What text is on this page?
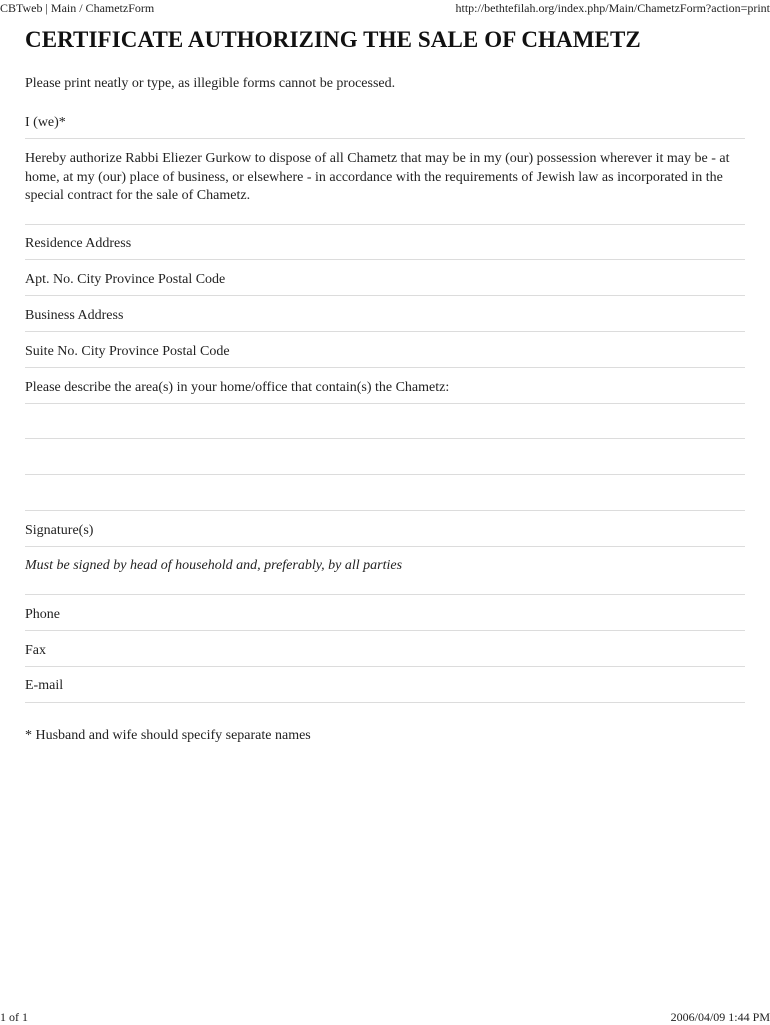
CBTweb | Main / ChametzForm	http://bethtefilah.org/index.php/Main/ChametzForm?action=print
CERTIFICATE AUTHORIZING THE SALE OF CHAMETZ
Please print neatly or type, as illegible forms cannot be processed.
I (we)*
Hereby authorize Rabbi Eliezer Gurkow to dispose of all Chametz that may be in my (our) possession wherever it may be - at home, at my (our) place of business, or elsewhere - in accordance with the requirements of Jewish law as incorporated in the special contract for the sale of Chametz.
Residence Address
Apt. No. City Province Postal Code
Business Address
Suite No. City Province Postal Code
Please describe the area(s) in your home/office that contain(s) the Chametz:
Signature(s)
Must be signed by head of household and, preferably, by all parties
Phone
Fax
E-mail
* Husband and wife should specify separate names
1 of 1	2006/04/09 1:44 PM
